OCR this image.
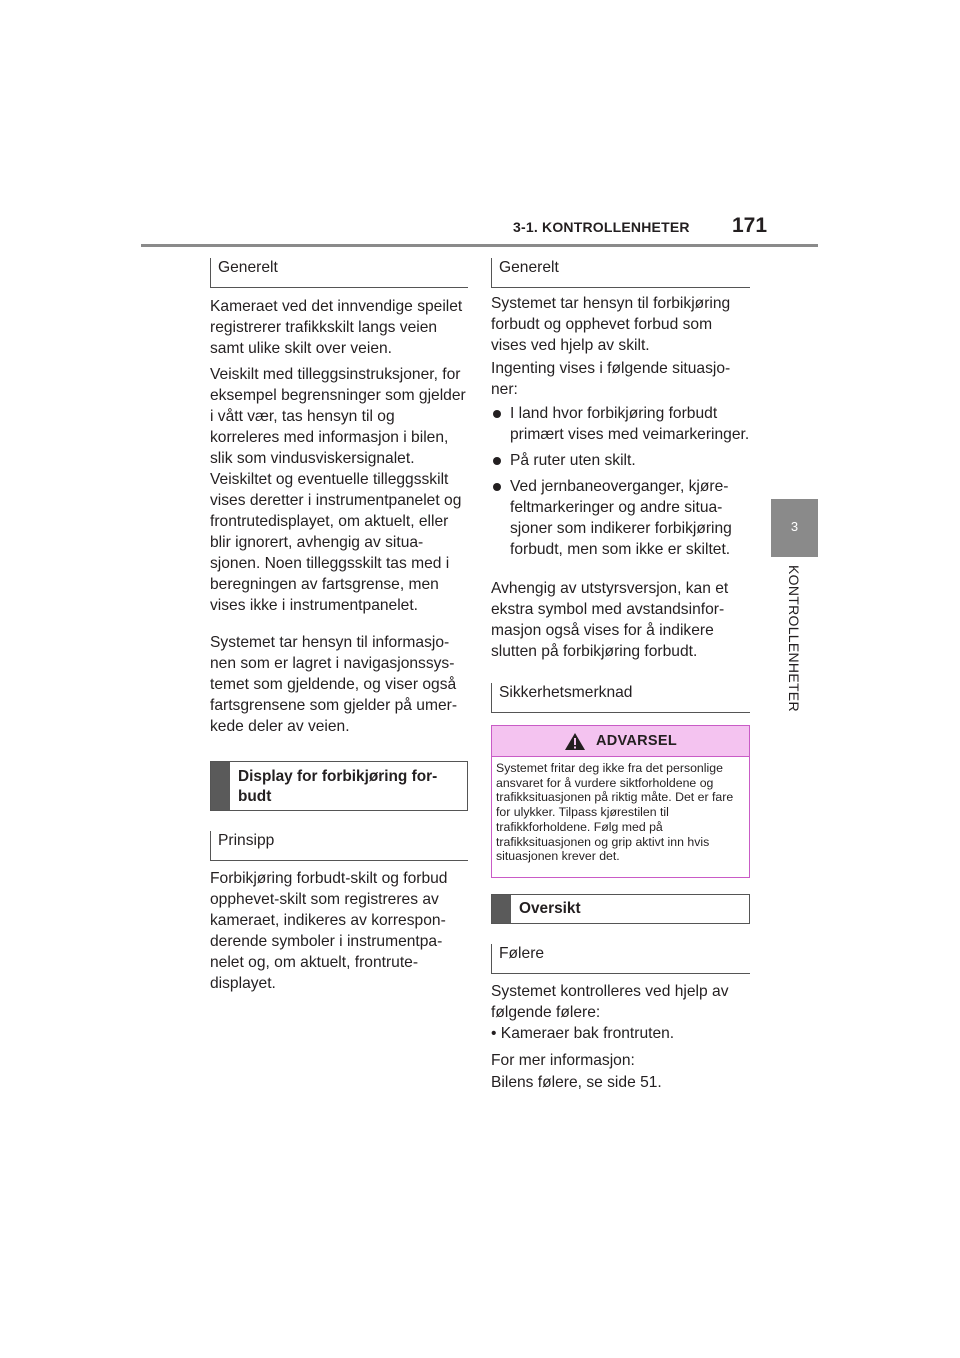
3-1. KONTROLLENHETER 171
3
KONTROLLENHETER
Generelt

Kameraet ved det innvendige speilet registrerer trafikkskilt langs veien samt ulike skilt over veien.

Veiskilt med tilleggsinstruksjoner, for eksempel begrensninger som gjelder i vått vær, tas hensyn til og korreleres med informasjon i bilen, slik som vindusviskersignalet. Veiskiltet og eventuelle tilleggsskilt vises deretter i instrumentpanelet og frontrutedisplayet, om aktuelt, eller blir ignorert, avhengig av situasjonen. Noen tilleggsskilt tas med i beregningen av fartsgrense, men vises ikke i instrumentpanelet.

Systemet tar hensyn til informasjonen som er lagret i navigasjonssystemet som gjeldende, og viser også fartsgrensene som gjelder på umerkede deler av veien.

Display for forbikjøring forbudt
Prinsipp

Forbikjøring forbudt-skilt og forbud opphevet-skilt som registreres av kameraet, indikeres av korresponderende symboler i instrumentpanelet og, om aktuelt, frontrutedisplayet.

Generelt

Systemet tar hensyn til forbikjøring forbudt og opphevet forbud som vises ved hjelp av skilt.

Ingenting vises i følgende situasjoner:

I land hvor forbikjøring forbudt primært vises med veimarkeringer.
På ruter uten skilt.
Ved jernbaneoverganger, kjørefeltmarkeringer og andre situasjoner som indikerer forbikjøring forbudt, men som ikke er skiltet.

Avhengig av utstyrsversjon, kan et ekstra symbol med avstandsinformasjon også vises for å indikere slutten på forbikjøring forbudt.

Sikkerhetsmerknad
ADVARSEL
Systemet fritar deg ikke fra det personlige ansvaret for å vurdere siktforholdene og trafikksituasjonen på riktig måte. Det er fare for ulykker. Tilpass kjørestilen til trafikkforholdene. Følg med på trafikksituasjonen og grip aktivt inn hvis situasjonen krever det.
Oversikt
Følere

Systemet kontrolleres ved hjelp av følgende følere:

• Kameraer bak frontruten.

For mer informasjon:

Bilens følere, se side 51.
